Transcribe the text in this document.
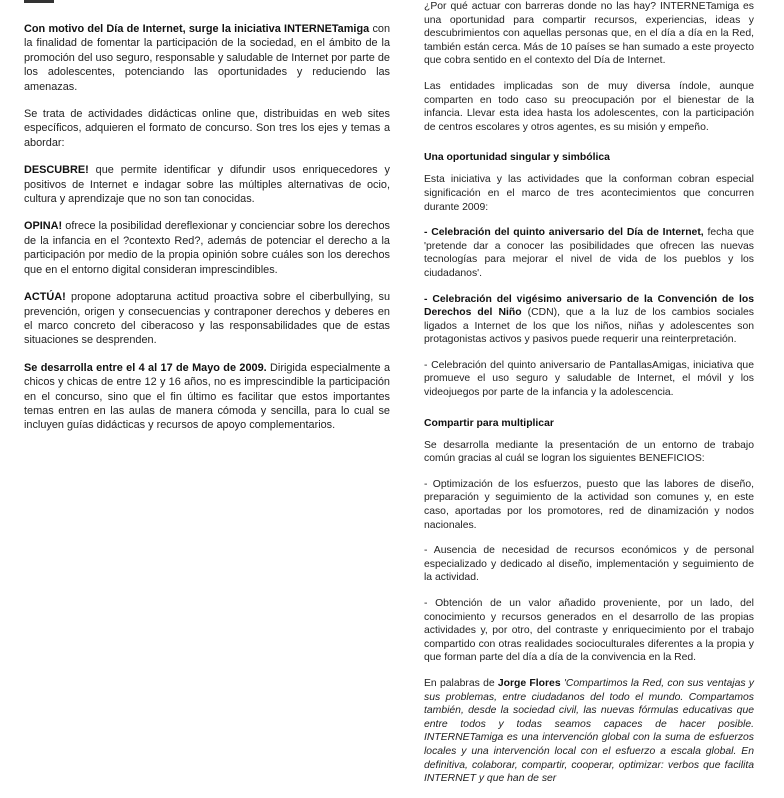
Con motivo del Día de Internet, surge la iniciativa INTERNETamiga con la finalidad de fomentar la participación de la sociedad, en el ámbito de la promoción del uso seguro, responsable y saludable de Internet por parte de los adolescentes, potenciando las oportunidades y reduciendo las amenazas.

Se trata de actividades didácticas online que, distribuidas en web sites específicos, adquieren el formato de concurso. Son tres los ejes y temas a abordar:

DESCUBRE! que permite identificar y difundir usos enriquecedores y positivos de Internet e indagar sobre las múltiples alternativas de ocio, cultura y aprendizaje que no son tan conocidas.

OPINA! ofrece la posibilidad dereflexionar y concienciar sobre los derechos de la infancia en el ?contexto Red?, además de potenciar el derecho a la participación por medio de la propia opinión sobre cuáles son los derechos que en el entorno digital consideran imprescindibles.

ACTÚA! propone adoptaruna actitud proactiva sobre el ciberbullying, su prevención, origen y consecuencias y contraponer derechos y deberes en el marco concreto del ciberacoso y las responsabilidades que de estas situaciones se desprenden.

Se desarrolla entre el 4 al 17 de Mayo de 2009. Dirigida especialmente a chicos y chicas de entre 12 y 16 años, no es imprescindible la participación en el concurso, sino que el fin último es facilitar que estos importantes temas entren en las aulas de manera cómoda y sencilla, para lo cual se incluyen guías didácticas y recursos de apoyo complementarios.

¿Por qué actuar con barreras donde no las hay? INTERNETamiga es una oportunidad para compartir recursos, experiencias, ideas y descubrimientos con aquellas personas que, en el día a día en la Red, también están cerca. Más de 10 países se han sumado a este proyecto que cobra sentido en el contexto del Día de Internet.

Las entidades implicadas son de muy diversa índole, aunque comparten en todo caso su preocupación por el bienestar de la infancia. Llevar esta idea hasta los adolescentes, con la participación de centros escolares y otros agentes, es su misión y empeño.

Una oportunidad singular y simbólica

Esta iniciativa y las actividades que la conforman cobran especial significación en el marco de tres acontecimientos que concurren durante 2009:

- Celebración del quinto aniversario del Día de Internet, fecha que 'pretende dar a conocer las posibilidades que ofrecen las nuevas tecnologías para mejorar el nivel de vida de los pueblos y los ciudadanos'.

- Celebración del vigésimo aniversario de la Convención de los Derechos del Niño (CDN), que a la luz de los cambios sociales ligados a Internet de los que los niños, niñas y adolescentes son protagonistas activos y pasivos puede requerir una reinterpretación.

- Celebración del quinto aniversario de PantallasAmigas, iniciativa que promueve el uso seguro y saludable de Internet, el móvil y los videojuegos por parte de la infancia y la adolescencia.

Compartir para multiplicar

Se desarrolla mediante la presentación de un entorno de trabajo común gracias al cuál se logran los siguientes BENEFICIOS:

- Optimización de los esfuerzos, puesto que las labores de diseño, preparación y seguimiento de la actividad son comunes y, en este caso, aportadas por los promotores, red de dinamización y nodos nacionales.

- Ausencia de necesidad de recursos económicos y de personal especializado y dedicado al diseño, implementación y seguimiento de la actividad.

- Obtención de un valor añadido proveniente, por un lado, del conocimiento y recursos generados en el desarrollo de las propias actividades y, por otro, del contraste y enriquecimiento por el trabajo compartido con otras realidades socioculturales diferentes a la propia y que forman parte del día a día de la convivencia en la Red.

En palabras de Jorge Flores 'Compartimos la Red, con sus ventajas y sus problemas, entre ciudadanos del todo el mundo. Compartamos también, desde la sociedad civil, las nuevas fórmulas educativas que entre todos y todas seamos capaces de hacer posible. INTERNETamiga es una intervención global con la suma de esfuerzos locales y una intervención local con el esfuerzo a escala global. En definitiva, colaborar, compartir, cooperar, optimizar: verbos que facilita INTERNET y que han de ser
